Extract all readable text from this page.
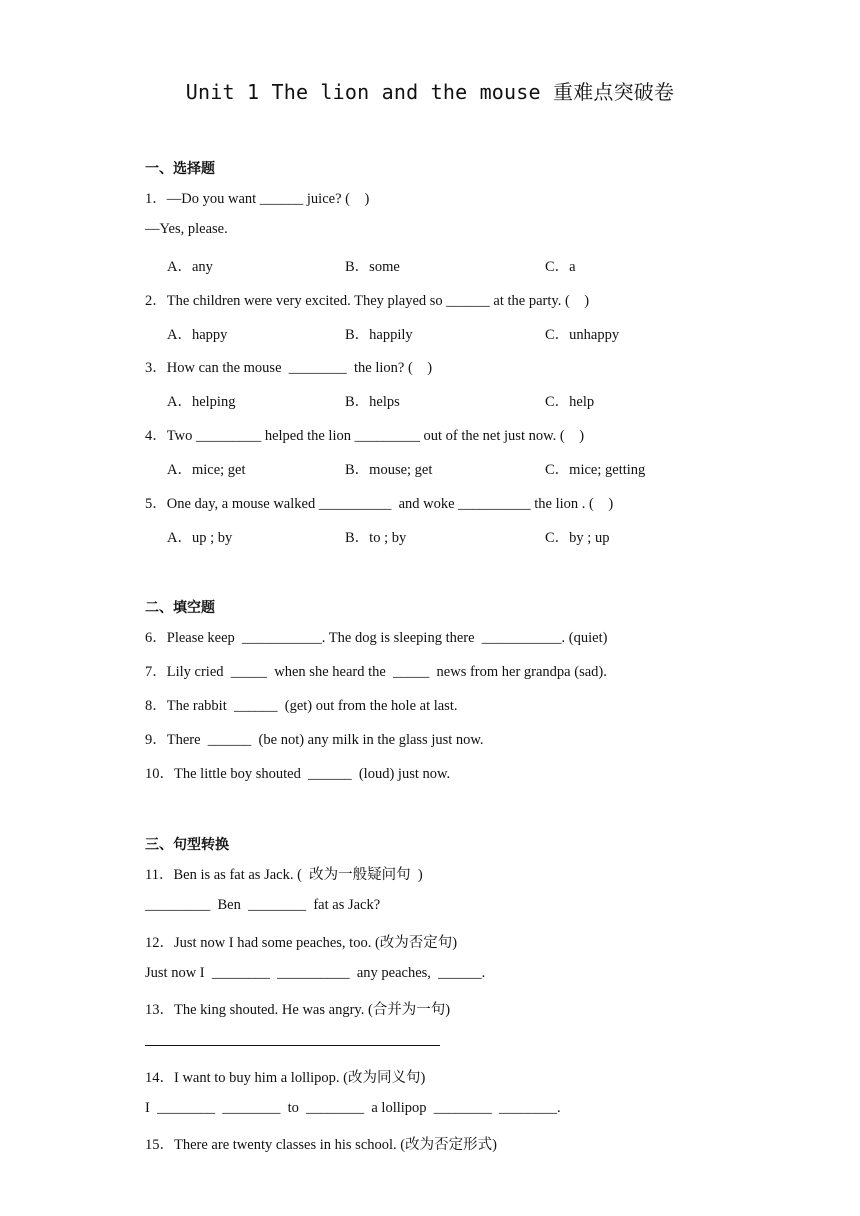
Unit 1 The lion and the mouse 重难点突破卷
一、选择题
1．—Do you want ______ juice? (    )
—Yes, please.
A．any	B．some	C．a
2．The children were very excited. They played so ______ at the party. (    )
A．happy	B．happily	C．unhappy
3．How can the mouse  ________  the lion? (    )
A．helping	B．helps	C．help
4．Two _________ helped the lion _________ out of the net just now. (    )
A．mice; get	B．mouse; get	C．mice; getting
5．One day, a mouse walked __________  and woke __________ the lion . (    )
A．up ; by	B．to ; by	C．by ; up
二、填空题
6．Please keep  ___________. The dog is sleeping there  ___________. (quiet)
7．Lily cried  _____  when she heard the  _____  news from her grandpa (sad).
8．The rabbit  ______  (get) out from the hole at last.
9．There  ______  (be not) any milk in the glass just now.
10．The little boy shouted  ______  (loud) just now.
三、句型转换
11．Ben is as fat as Jack. (  改为一般疑问句  )
_________  Ben  ________  fat as Jack?
12．Just now I had some peaches, too. (改为否定句)
Just now I  ________  __________  any peaches,  ______.
13．The king shouted. He was angry. (合并为一句)
14．I want to buy him a lollipop. (改为同义句)
I  ________  ________  to  ________  a lollipop  ________  ________.
15．There are twenty classes in his school. (改为否定形式)
